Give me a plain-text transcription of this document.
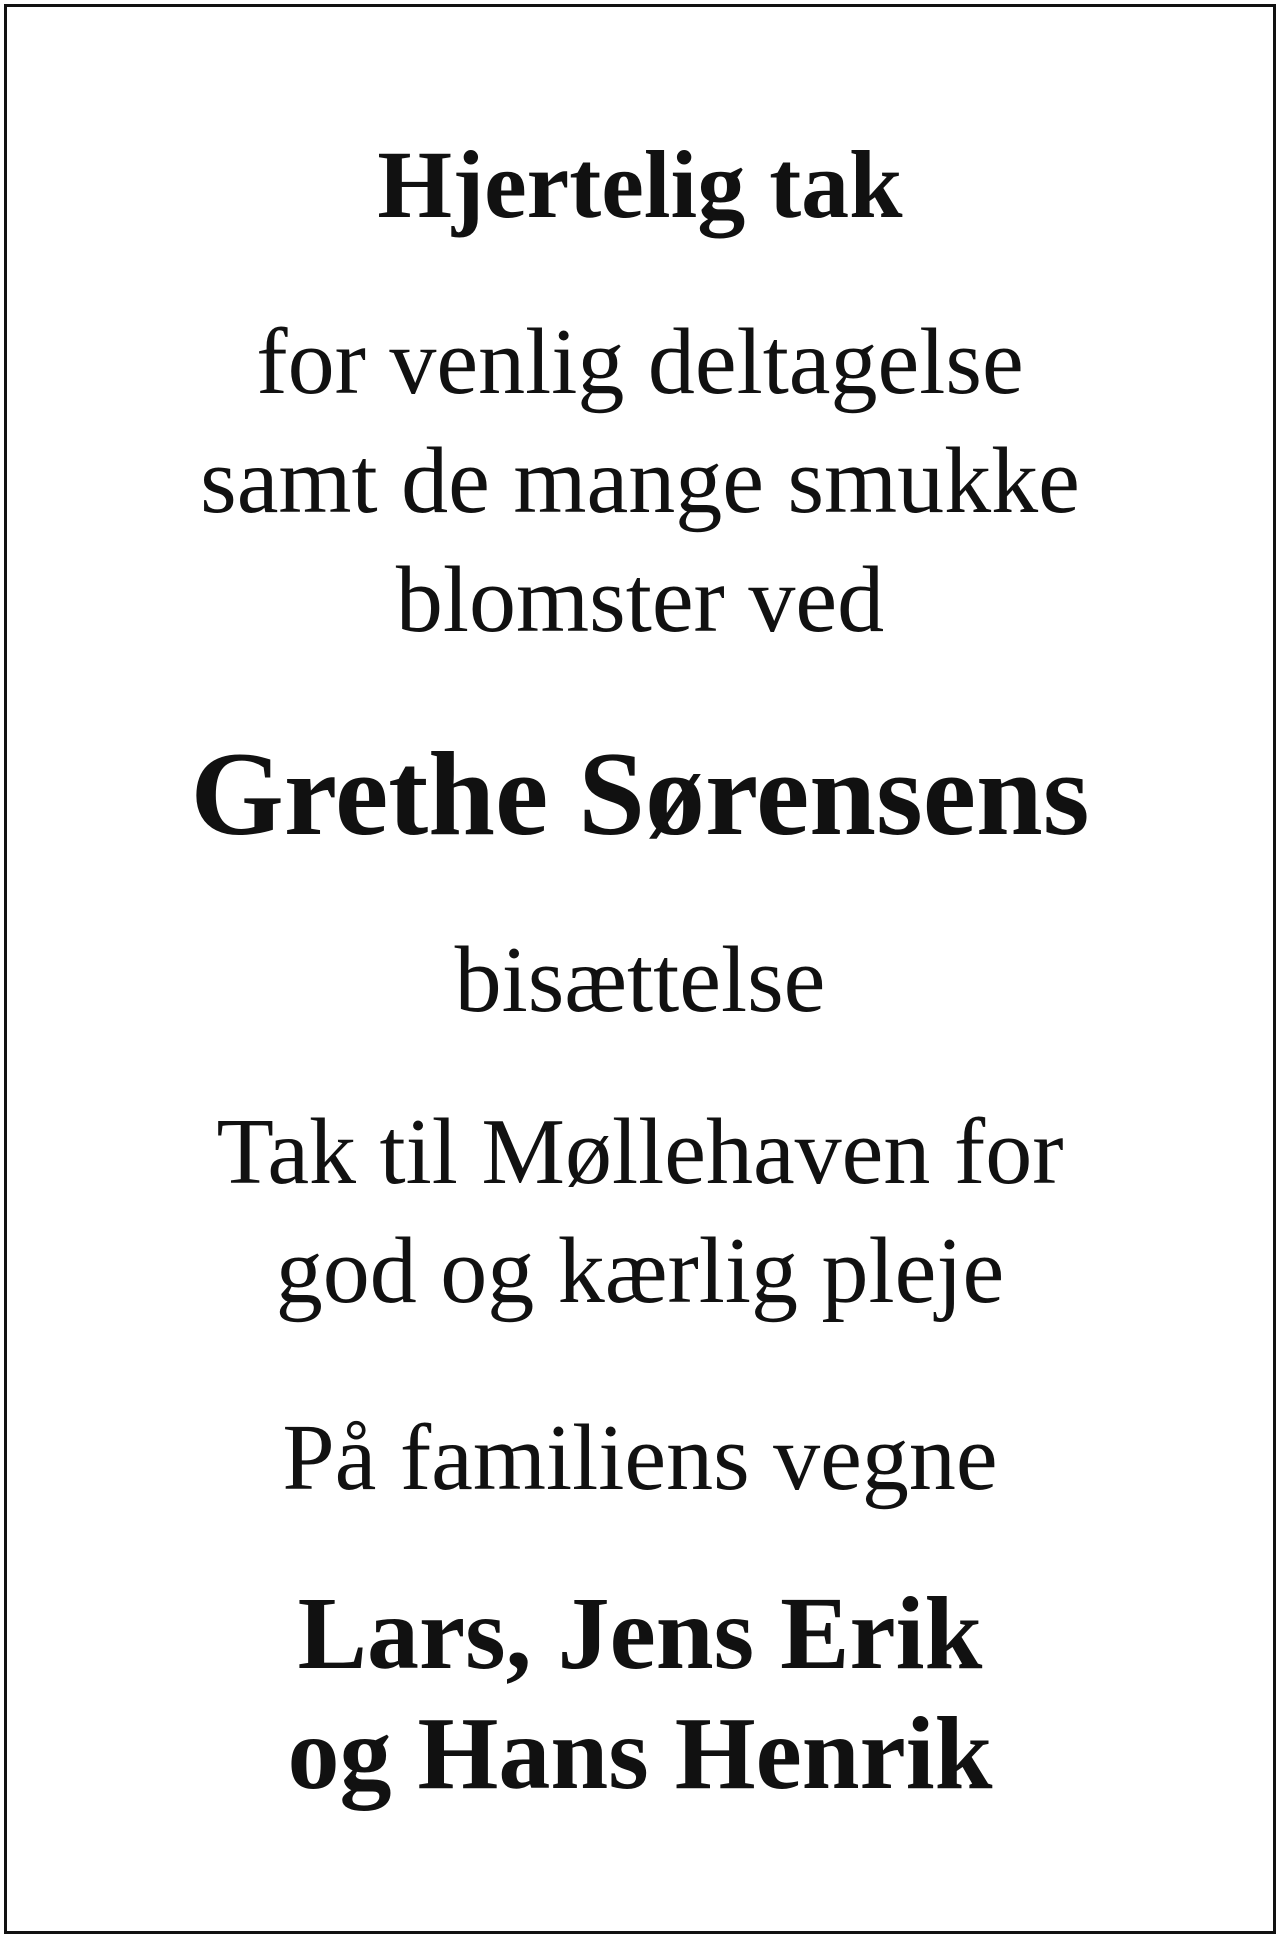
Hjertelig tak
for venlig deltagelse
samt de mange smukke
blomster ved
Grethe Sørensens
bisættelse
Tak til Møllehaven for
god og kærlig pleje
På familiens vegne
Lars, Jens Erik
og Hans Henrik
